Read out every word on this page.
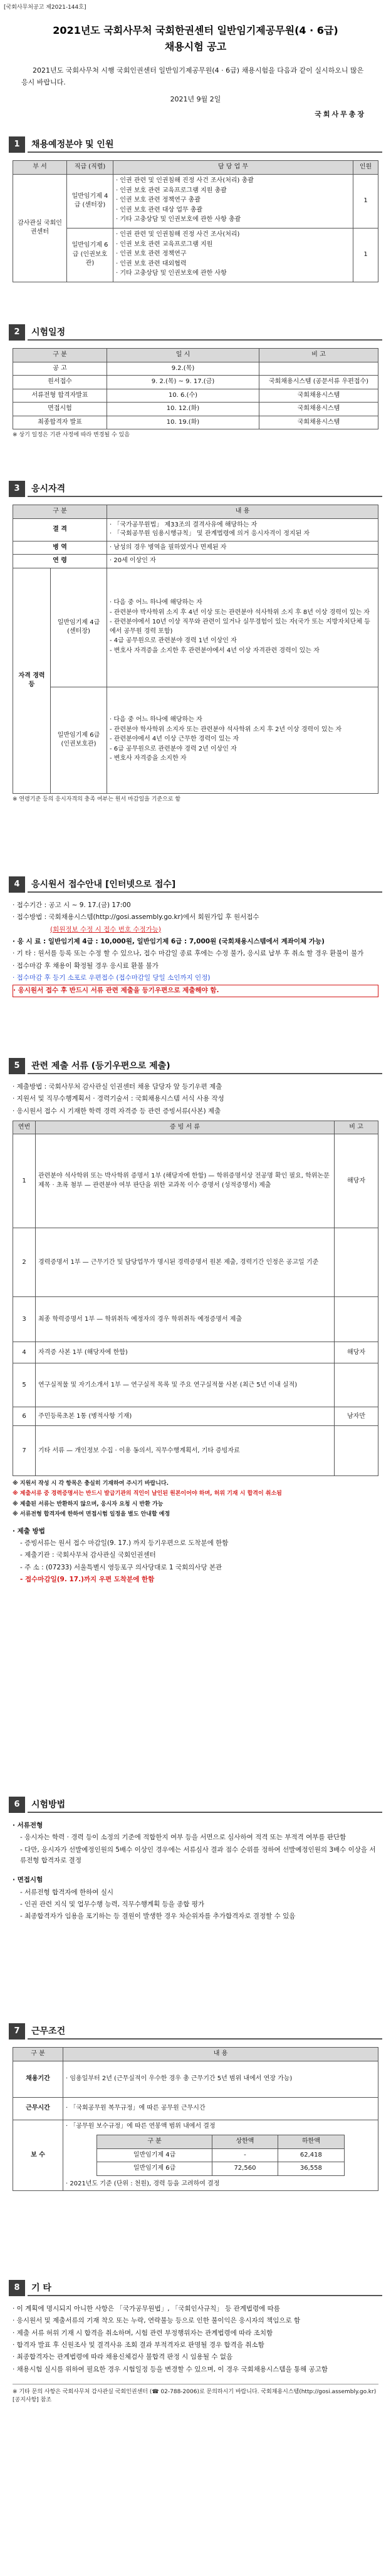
[국회사무처공고 제2021-144호]
2021년도 국회사무처 국회한권센터 일반임기제공무원(4 · 6급)
채용시험 공고
2021년도 국회사무처 시행 국회인권센터 일반임기제공무원(4 · 6급) 채용시험을 다음과 같이 실시하오니 많은 응시 바랍니다.
2021년 9월 2일
국회사무총장
1	채용예정분야 및 인원
부 서	직급 (직렬)	담 당 업 무	인원
감사관실 국회인권센터	일반임기제 4급 (센터장)	· 인권 관련 및 인권침해 진정 사건 조사(처리) 총괄
· 인권 보호 관련 교육프로그램 지원 총괄
· 인권 보호 관련 정책연구 총괄
· 인권 보호 관련 대상 업무 총괄
· 기타 고충상담 및 인권보호에 관한 사항 총괄	1
	일반임기제 6급 (인권보호관)	· 인권 관련 및 인권침해 진정 사건 조사(처리)
· 인권 보호 관련 교육프로그램 지원
· 인권 보호 관련 정책연구
· 인권 보호 관련 대외협력
· 기타 고충상담 및 인권보호에 관한 사항	1
2	시험일정
구 분	일 시	비 고
공 고	9.2.(목)	
원서접수	9. 2.(목) ~ 9. 17.(금)	국회채용시스템 (공문서류 우편접수)
서류전형 합격자발표	10. 6.(수)	국회채용시스템
면접시험	10. 12.(화)	국회채용시스템
최종합격자 발표	10. 19.(화)	국회채용시스템
※ 상기 일정은 기관 사정에 따라 변경될 수 있음
3	응시자격
구 분		내 용
결 격		· 「국가공무원법」 제33조의 결격사유에 해당하는 자
· 「국회공무원 임용시행규칙」 및 관계법령에 의거 응시자격이 정지된 자
병 역		· 남성의 경우 병역을 필하였거나 면제된 자
연 령		· 20세 이상인 자
자격 경력 등	일반임기제 4급 (센터장)	· 다음 중 어느 하나에 해당하는 자
- 관련분야 박사학위 소지 후 4년 이상 또는 관련분야 석사학위 소지 후 8년 이상 경력이 있는 자
- 관련분야에서 10년 이상 직무와 관련이 있거나 실무경험이 있는 자(국가 또는 지방자치단체 등에서 공무원 경력 포함)
- 4급 공무원으로 관련분야 경력 1년 이상인 자
- 변호사 자격증을 소지한 후 관련분야에서 4년 이상 자격관련 경력이 있는 자

	일반임기제 6급 (인권보호관)	· 다음 중 어느 하나에 해당하는 자
- 관련분야 학사학위 소지자 또는 관련분야 석사학위 소지 후 2년 이상 경력이 있는 자
- 관련분야에서 4년 이상 근무한 경력이 있는 자
- 6급 공무원으로 관련분야 경력 2년 이상인 자
- 변호사 자격증을 소지한 자
※ 연령기준 등의 응시자격의 충족 여부는 원서 마감일을 기준으로 함
4	응시원서 접수안내 [인터넷으로 접수]
· 접수기간 : 공고 시 ~ 9. 17.(금) 17:00
· 접수방법 : 국회채용시스템(http://gosi.assembly.go.kr)에서 회원가입 후 원서접수
(회원정보 수정 시 접수 번호 수정가능)
· 응 시 료 : 일반임기제 4급 : 10,000원, 일반임기제 6급 : 7,000원 (국회채용시스템에서 계좌이체 가능)
· 기 타 : 원서를 등록 또는 수정 할 수 있으나, 접수 마감일 종료 후에는 수정 불가, 응시료 납부 후 취소 할 경우 환불이 불가
· 접수마감 후 채용이 확정될 경우 응시료 환불 불가
· 접수마감 후 등기 소포로 우편접수 (접수마감일 당일 소인까지 인정)
· 응시원서 접수 후 반드시 서류 관련 제출을 등기우편으로 제출해야 함.
5	관련 제출 서류 (등기우편으로 제출)
· 제출방법 : 국회사무처 감사관실 인권센터 채용 담당자 앞 등기우편 제출
· 지원서 및 직무수행계획서 · 경력기술서 : 국회채용시스템 서식 사용 작성
· 응시원서 접수 시 기재한 학력 경력 자격증 등 관련 증빙서류(사본) 제출
연번	증 빙 서 류	비 고
1	관련분야 석사학위 또는 박사학위 증명서 1부 (해당자에 한함) — 학위증명서상 전공명 확인 필요, 학위논문 제목 · 초록 첨부 — 관련분야 여부 판단을 위한 교과목 이수 증명서 (성적증명서) 제출	해당자
2	경력증명서 1부 — 근무기간 및 담당업무가 명시된 경력증명서 원본 제출, 경력기간 인정은 공고일 기준	
3	최종 학력증명서 1부 — 학위취득 예정자의 경우 학위취득 예정증명서 제출	
4	자격증 사본 1부 (해당자에 한함)	해당자
5	연구실적물 및 자기소개서 1부 — 연구실적 목록 및 주요 연구실적물 사본 (최근 5년 이내 실적)	
6	주민등록초본 1통 (병적사항 기재)	남자만
7	기타 서류 — 개인정보 수집 · 이용 동의서, 직무수행계획서, 기타 증빙자료	
※ 지원서 작성 시 각 항목은 충실히 기재하여 주시기 바랍니다.
※ 제출서류 중 경력증명서는 반드시 발급기관의 직인이 날인된 원본이어야 하며, 허위 기재 시 합격이 취소됨
※ 제출된 서류는 반환하지 않으며, 응시자 요청 시 반환 가능
※ 서류전형 합격자에 한하여 면접시험 일정을 별도 안내할 예정
· 제출 방법
- 증빙서류는 원서 접수 마감일(9. 17.) 까지 등기우편으로 도착분에 한함
- 제출기관 : 국회사무처 감사관실 국회인권센터
- 주 소 : (07233) 서울특별시 영등포구 의사당대로 1 국회의사당 본관
- 접수마감일(9. 17.)까지 우편 도착분에 한함
6	시험방법
· 서류전형
- 응시자는 학력 · 경력 등이 소정의 기준에 적합한지 여부 등을 서면으로 심사하여 적격 또는 부적격 여부를 판단함
- 다만, 응시자가 선발예정인원의 5배수 이상인 경우에는 서류심사 결과 점수 순위를 정하여 선발예정인원의 3배수 이상을 서류전형 합격자로 결정
· 면접시험
- 서류전형 합격자에 한하여 실시
- 인권 관련 지식 및 업무수행 능력, 직무수행계획 등을 종합 평가
- 최종합격자가 임용을 포기하는 등 결원이 발생한 경우 차순위자를 추가합격자로 결정할 수 있음
7	근무조건
구 분	내 용
채용기간	· 임용일부터 2년 (근무실적이 우수한 경우 총 근무기간 5년 범위 내에서 연장 가능)
근무시간	· 「국회공무원 복무규정」에 따른 공무원 근무시간
보 수	
· 「공무원 보수규정」에 따른 연봉액 범위 내에서 결정
구 분	상한액	하한액
일반임기제 4급	-	62,418
일반임기제 6급	72,560	36,558
· 2021년도 기준 (단위 : 천원), 경력 등을 고려하여 결정
8	기 타
· 이 계획에 명시되지 아니한 사항은 「국가공무원법」, 「국회인사규칙」 등 관계법령에 따름
· 응시원서 및 제출서류의 기재 착오 또는 누락, 연락불능 등으로 인한 불이익은 응시자의 책임으로 함
· 제출 서류 허위 기재 시 합격을 취소하며, 시험 관련 부정행위자는 관계법령에 따라 조치함
· 합격자 발표 후 신원조사 및 결격사유 조회 결과 부적격자로 판명될 경우 합격을 취소함
· 최종합격자는 관계법령에 따라 채용신체검사 불합격 판정 시 임용될 수 없음
· 채용시험 실시를 위하여 필요한 경우 시험일정 등을 변경할 수 있으며, 이 경우 국회채용시스템을 통해 공고함
※ 기타 문의 사항은 국회사무처 감사관실 국회인권센터 (☎ 02-788-2006)로 문의하시기 바랍니다. 국회채용시스템(http://gosi.assembly.go.kr) [공지사항] 참조
